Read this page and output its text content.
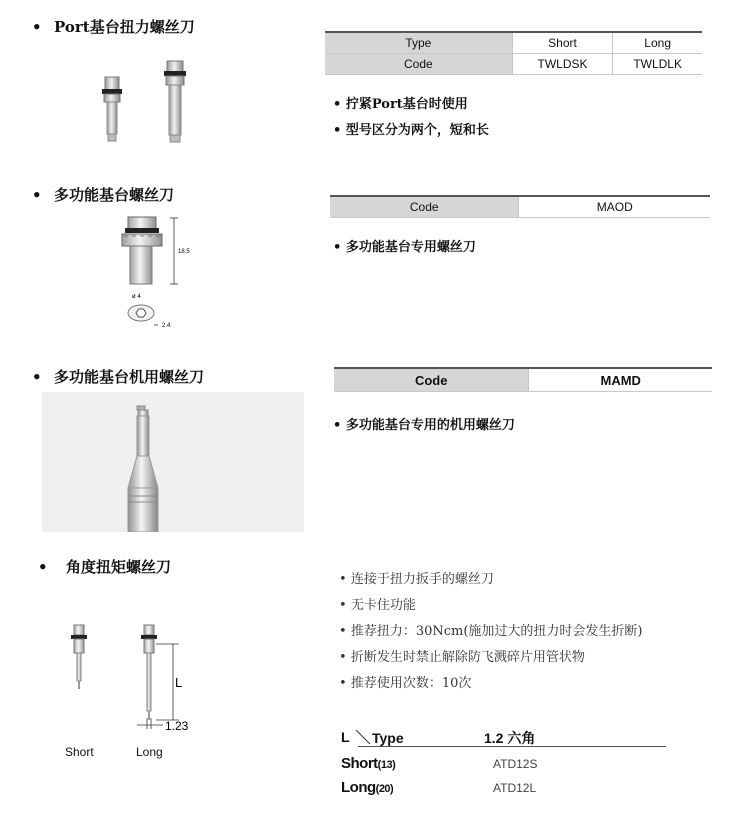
• Port基台扭力螺丝刀
Type	Short	Long
Code	TWLDSK	TWLDLK
• 拧紧Port基台时使用
• 型号区分为两个，短和长
• 多功能基台螺丝刀
18.5
ø 4
2.4
Code	MAOD
• 多功能基台专用螺丝刀
• 多功能基台机用螺丝刀	Code	MAMD
• 多功能基台专用的机用螺丝刀
• 角度扭矩螺丝刀
L
1.23
Short	Long
• 连接于扭力扳手的螺丝刀
• 无卡住功能
• 推荐扭力：30Ncm(施加过大的扭力时会发生折断)
• 折断发生时禁止解除防飞溅碎片用管状物
• 推荐使用次数：10次
L Type	1.2 六角
Short(13)	ATD12S
Long(20)	ATD12L
